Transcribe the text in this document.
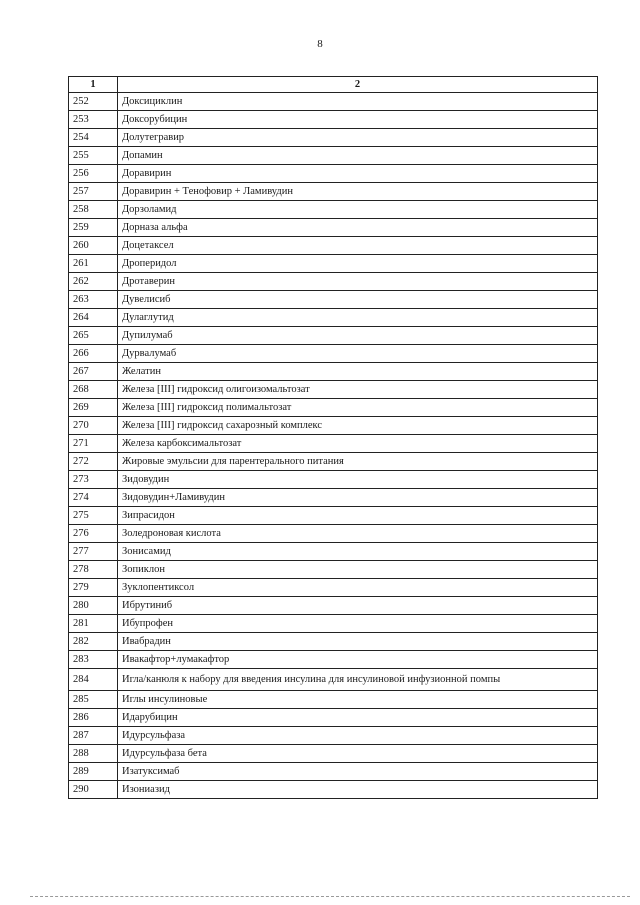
8
1	2
252	Доксициклин
253	Доксорубицин
254	Долутегравир
255	Допамин
256	Доравирин
257	Доравирин + Тенофовир + Ламивудин
258	Дорзоламид
259	Дорназа альфа
260	Доцетаксел
261	Дроперидол
262	Дротаверин
263	Дувелисиб
264	Дулаглутид
265	Дупилумаб
266	Дурвалумаб
267	Желатин
268	Железа [III] гидроксид олигоизомальтозат
269	Железа [III] гидроксид полимальтозат
270	Железа [III] гидроксид сахарозный комплекс
271	Железа карбоксимальтозат
272	Жировые эмульсии для парентерального питания
273	Зидовудин
274	Зидовудин+Ламивудин
275	Зипрасидон
276	Золедроновая кислота
277	Зонисамид
278	Зопиклон
279	Зуклопентиксол
280	Ибрутиниб
281	Ибупрофен
282	Ивабрадин
283	Ивакафтор+лумакафтор
284	Игла/канюля к набору для введения инсулина для инсулиновой инфузионной помпы
285	Иглы инсулиновые
286	Идарубицин
287	Идурсульфаза
288	Идурсульфаза бета
289	Изатуксимаб
290	Изониазид
